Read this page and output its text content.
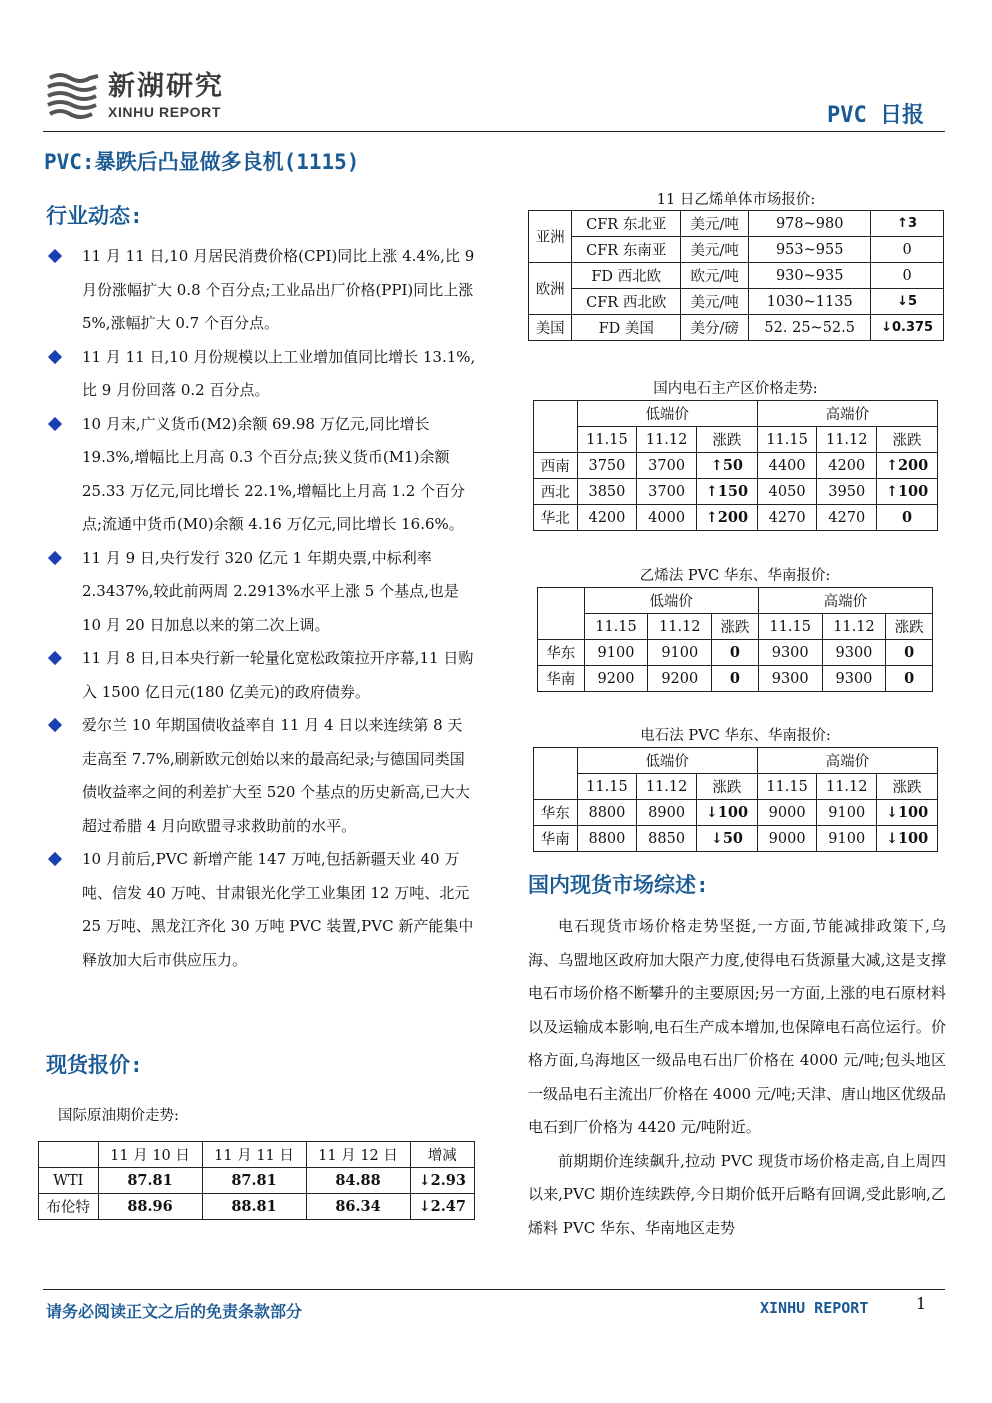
新湖研究
XINHU REPORT	PVC 日报
PVC:暴跌后凸显做多良机(1115)
行业动态:
11 月 11 日,10 月居民消费价格(CPI)同比上涨 4.4%,比 9 月份涨幅扩大 0.8 个百分点;工业品出厂价格(PPI)同比上涨 5%,涨幅扩大 0.7 个百分点。
11 月 11 日,10 月份规模以上工业增加值同比增长 13.1%,比 9 月份回落 0.2 百分点。
10 月末,广义货币(M2)余额 69.98 万亿元,同比增长 19.3%,增幅比上月高 0.3 个百分点;狭义货币(M1)余额 25.33 万亿元,同比增长 22.1%,增幅比上月高 1.2 个百分点;流通中货币(M0)余额 4.16 万亿元,同比增长 16.6%。
11 月 9 日,央行发行 320 亿元 1 年期央票,中标利率 2.3437%,较此前两周 2.2913%水平上涨 5 个基点,也是 10 月 20 日加息以来的第二次上调。
11 月 8 日,日本央行新一轮量化宽松政策拉开序幕,11 日购入 1500 亿日元(180 亿美元)的政府债券。
爱尔兰 10 年期国债收益率自 11 月 4 日以来连续第 8 天走高至 7.7%,刷新欧元创始以来的最高纪录;与德国同类国债收益率之间的利差扩大至 520 个基点的历史新高,已大大超过希腊 4 月向欧盟寻求救助前的水平。
10 月前后,PVC 新增产能 147 万吨,包括新疆天业 40 万吨、信发 40 万吨、甘肃银光化学工业集团 12 万吨、北元 25 万吨、黑龙江齐化 30 万吨 PVC 装置,PVC 新产能集中释放加大后市供应压力。
现货报价:
国际原油期价走势:
	11 月 10 日	11 月 11 日	11 月 12 日	增减
WTI	87.81	87.81	84.88	↓ 2.93
布伦特	88.96	88.81	86.34	↓ 2.47
11 日乙烯单体市场报价:
亚洲	CFR 东北亚	美元/吨	978~980	↑ 3
	CFR 东南亚	美元/吨	953~955	0
欧洲	FD 西北欧	欧元/吨	930~935	0
	CFR 西北欧	美元/吨	1030~1135	↓ 5
美国	FD 美国	美分/磅	52. 25~52.5	↓ 0.375
国内电石主产区价格走势:
	低端价			高端价		
	11.15	11.12	涨跌	11.15	11.12	涨跌
西南	3750	3700	↑ 50	4400	4200	↑ 200
西北	3850	3700	↑ 150	4050	3950	↑ 100
华北	4200	4000	↑ 200	4270	4270	0
乙烯法 PVC 华东、华南报价:
	低端价			高端价		
	11.15	11.12	涨跌	11.15	11.12	涨跌
华东	9100	9100	0	9300	9300	0
华南	9200	9200	0	9300	9300	0
电石法 PVC 华东、华南报价:
	低端价			高端价		
	11.15	11.12	涨跌	11.15	11.12	涨跌
华东	8800	8900	↓ 100	9000	9100	↓ 100
华南	8800	8850	↓ 50	9000	9100	↓ 100
国内现货市场综述:
电石现货市场价格走势坚挺,一方面,节能减排政策下,乌海、乌盟地区政府加大限产力度,使得电石货源量大减,这是支撑电石市场价格不断攀升的主要原因;另一方面,上涨的电石原材料以及运输成本影响,电石生产成本增加,也保障电石高位运行。价格方面,乌海地区一级品电石出厂价格在 4000 元/吨;包头地区一级品电石主流出厂价格在 4000 元/吨;天津、唐山地区优级品电石到厂价格为 4420 元/吨附近。
前期期价连续飙升,拉动 PVC 现货市场价格走高,自上周四以来,PVC 期价连续跌停,今日期价低开后略有回调,受此影响,乙烯料 PVC 华东、华南地区走势
请务必阅读正文之后的免责条款部分	XINHU REPORT	1
